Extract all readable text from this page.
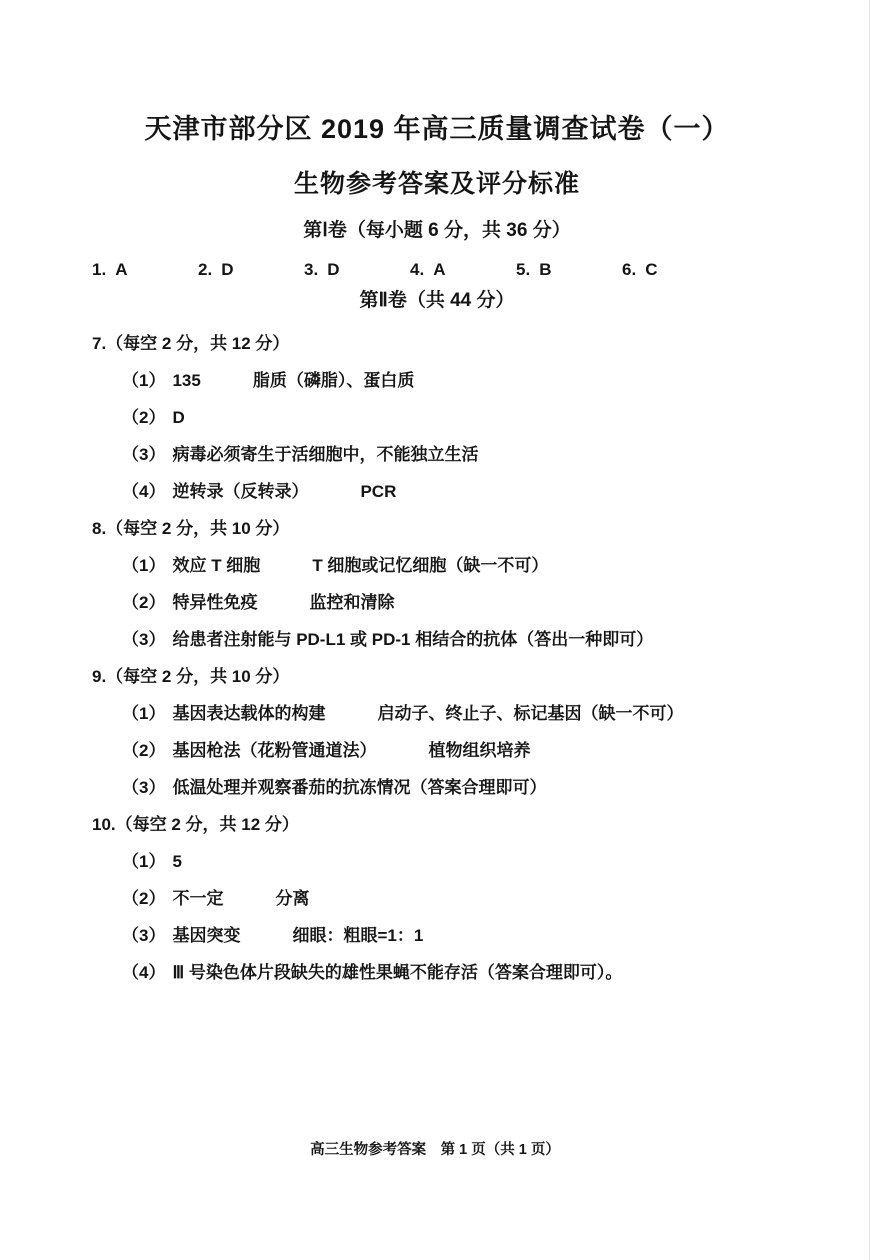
天津市部分区 2019 年高三质量调查试卷（一）
生物参考答案及评分标准
第Ⅰ卷（每小题 6 分，共 36 分）
1. A	2. D	3. D	4. A	5. B	6. C
第Ⅱ卷（共 44 分）
7.（每空 2 分，共 12 分）
（1） 135	脂质（磷脂）、蛋白质
（2） D
（3） 病毒必须寄生于活细胞中，不能独立生活
（4） 逆转录（反转录）	PCR
8.（每空 2 分，共 10 分）
（1） 效应 T 细胞	T 细胞或记忆细胞（缺一不可）
（2） 特异性免疫	监控和清除
（3） 给患者注射能与 PD-L1 或 PD-1 相结合的抗体（答出一种即可）
9.（每空 2 分，共 10 分）
（1） 基因表达载体的构建	启动子、终止子、标记基因（缺一不可）
（2） 基因枪法（花粉管通道法）	植物组织培养
（3） 低温处理并观察番茄的抗冻情况（答案合理即可）
10.（每空 2 分，共 12 分）
（1） 5
（2） 不一定	分离
（3） 基因突变	细眼：粗眼=1：1
（4） Ⅲ 号染色体片段缺失的雄性果蝇不能存活（答案合理即可）。
高三生物参考答案　第 1 页（共 1 页）
